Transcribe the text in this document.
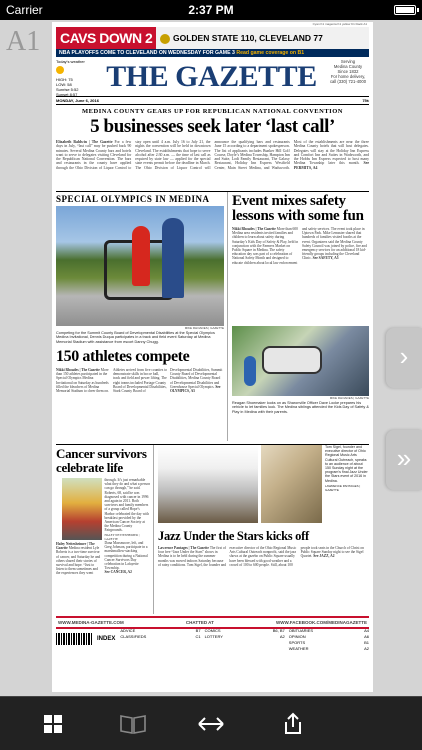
Carrier	2:37 PM
A1
Cyan K1 magenta K1 yellow K1 black A1
CAVS DOWN 2	GOLDEN STATE 110, CLEVELAND 77
NBA PLAYOFFS COME TO CLEVELAND ON WEDNESDAY FOR GAME 3 Read game coverage on B1
Today's weather
HIGH: 75
LOW: 58
Sunrise 5:52
Sunset 8:57
THE GAZETTE	Serving
Medina County
Since 1832
For home delivery,
call (330) 721-4000
MONDAY, June 6, 2016	75¢
MEDINA COUNTY GEARS UP FOR REPUBLICAN NATIONAL CONVENTION
5 businesses seek later ‘last call’
Elizabeth Baldwin | The Gazette For a few days in July, “last call” may be pushed back 90 minutes. Several Medina County bars and hotels want to serve to delegates visiting Cleveland for the Republican National Convention. The bars and restaurants in the county have applied through the Ohio Division of Liquor Control to stay open until 4 a.m. July 16 to July 21, the nights the convention will be held in downtown Cleveland. The establishments that hope to serve alcohol after 2:30 a.m. — the time of last call as required by state law — applied for the special state events permit before the deadline in March. The Ohio Division of Liquor Control will announce the qualifying bars and restaurants June 15 according to a department spokesperson. The list of applicants includes Bunker Hill Golf Course, Doyle’s Medina Township, Hampton Inn and Suite, Lodi Family Restaurant, The Galaxy Restaurant, Holiday Inn Express Westfield Center, Main Street Medina, and Wadsworth. Most of the establishments are near the three Medina County hotels that will host delegates. Delegates will stay at the Holiday Inn Express and Comfort Inn and Suites in Wadsworth, and the Hobbs Inn Express expected to host many Medina Township later this month. See PERMITS, A4
SPECIAL OLYMPICS IN MEDINA
MIKE RHOADES | GAZETTE
Competing for the Summit County Board of Developmental Disabilities at the Special Olympics Medina Invitational, Dennis Duqua participates in a track and field event Saturday at Medina Memorial Stadium with assistance from escort Danny Chugg.
150 athletes compete
Nikki Rhoades | The Gazette More than 150 athletes participated in the Special Olympics Medina Invitational on Saturday as hundreds filled the bleachers of Medina Memorial Stadium to cheer them on. Athletes arrived from five counties to demonstrate skills in bocce ball, track and field and power lifting. The eight teams included Portage County Board of Developmental Disabilities, Stark County Board of Developmental Disabilities, Summit County Board of Developmental Disabilities, Medina County Board of Developmental Disabilities and Greenhouse Special Olympics. See OLYMPICS, A5
Event mixes safety lessons with some fun
Nikki Rhoades | The Gazette More than 600 Medina area residents invited families and children to learn about safety during Saturday’s Kids Day of Safety & Play, held in conjunction with the Farmers Market on Public Square in Medina. The safety education day was part of a celebration of National Safety Month and designed to educate children about local law enforcement and safety services. The event took place in Uptown Park. Mike Lemaster shared that hundreds of families visited booths at the event. Organizers said the Medina County Safety Council was joined by police, fire and emergency services for an additional 18 kid-friendly groups including the Cleveland Clinic. See SAFETY, A5
MIKE RHOADES | GAZETTE
Reagan Shoemaker looks on as Sharonville Officer Dave Locke prepares his vehicle to let families look. The Medina siblings attended the Kids Day of Safety & Play in Medina with their parents.
Cancer survivors celebrate life
Haley Nettesheimer | The Gazette Medina resident Lyle Roberts is a two-time survivor of cancer, and Saturday he and others shared their stories of survival and hope. “Just to listen to them sometimes and the experiences they went through. It’s just remarkable what they do and what a person can go through,” he said. Roberts, 68, said he was diagnosed with cancer in 1996 and again in 2011. Both survivors and family members of a group called Hope’s Harbor celebrated the day with breakfast provided by the American Cancer Society at the Medina County Fairgrounds.
HALEY NETTESHEIMER | GAZETTE
Dana Massmoore, left, and Greg Johnson, participate in a marshmallow-stacking competition during a National Cancer Survivors Day celebration in Lafayette Township.
See CANCER, A2
Tom Sigel, founder and executive director of Ohio Regional Music Arts Cultural Outreach, speaks to an audience of about 150 Sunday night at the program’s final Jazz Under the Stars event of 2016 in Medina.
LAWRENCE PANTAGES | GAZETTE
Jazz Under the Stars kicks off
Lawrence Pantages | The Gazette The first of four free “Jazz Under the Stars” shows in Medina is to be held during the summer months was moved indoors Saturday because of rainy conditions. Tom Sigel, the founder and executive director of the Ohio Regional Music Arts Cultural Outreach nonprofit, said the jazz shows at the gazebo on Public Square usually have been blessed with good weather and a crowd of 100 to 600 people. Still, about 100 people took seats in the Church of Christ on Public Square Sunday night to see the Sigel Quartet. See JAZZ, A2
WWW.MEDINA-GAZETTE.COM	CHATTED AT	WWW.FACEBOOK.COM/MEDINAGAZETTE
INDEX
ADVICE	B7 COMICS	B6, B7 OBITUARIES	A4
CLASSIFIEDS	C1 LOTTERY	A2 OPINION	A6
SPORTS	B1
WEATHER	A2
›
»
